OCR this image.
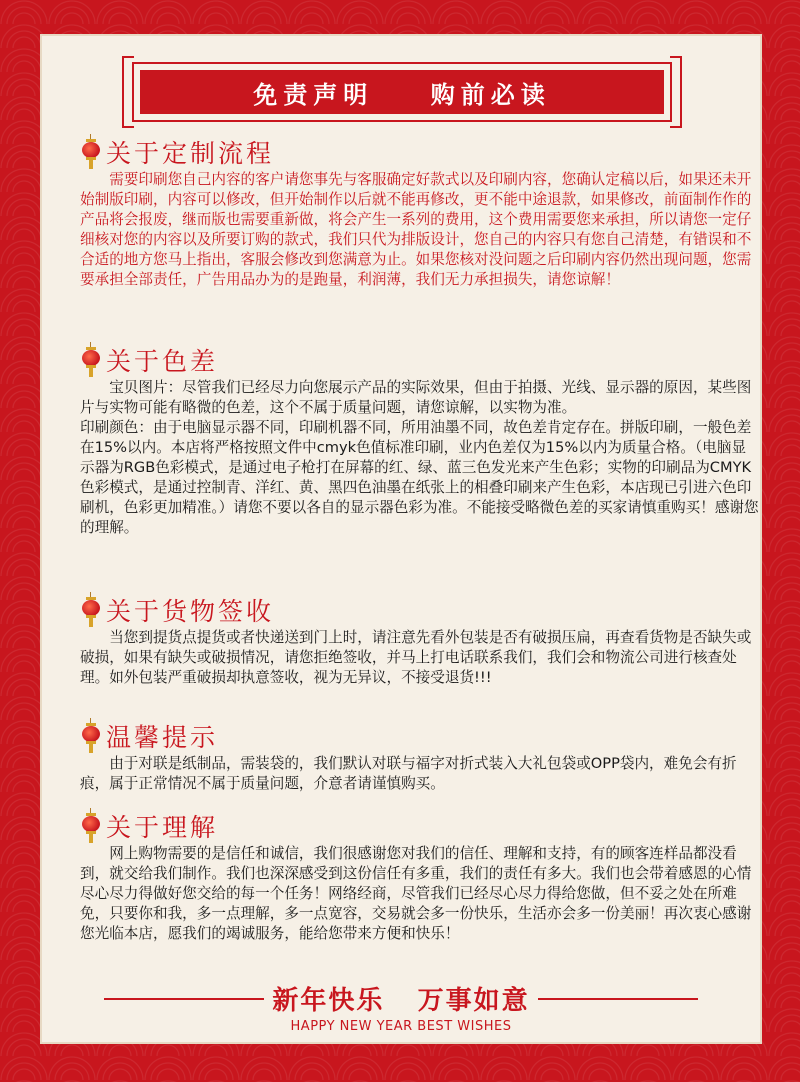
免责声明    购前必读
关于定制流程

需要印刷您自己内容的客户请您事先与客服确定好款式以及印刷内容，您确认定稿以后，如果还未开始制版印刷，内容可以修改，但开始制作以后就不能再修改，更不能中途退款，如果修改，前面制作作的产品将会报废，继而版也需要重新做，将会产生一系列的费用，这个费用需要您来承担，所以请您一定仔细核对您的内容以及所要订购的款式，我们只代为排版设计，您自己的内容只有您自己清楚，有错误和不合适的地方您马上指出，客服会修改到您满意为止。如果您核对没问题之后印刷内容仍然出现问题，您需要承担全部责任，广告用品办为的是跑量，利润薄，我们无力承担损失，请您谅解！

关于色差

宝贝图片：尽管我们已经尽力向您展示产品的实际效果，但由于拍摄、光线、显示器的原因，某些图片与实物可能有略微的色差，这个不属于质量问题，请您谅解，以实物为准。

印刷颜色：由于电脑显示器不同，印刷机器不同，所用油墨不同，故色差肯定存在。拼版印刷，一般色差在15%以内。本店将严格按照文件中cmyk色值标准印刷，业内色差仅为15%以内为质量合格。（电脑显示器为RGB色彩模式，是通过电子枪打在屏幕的红、绿、蓝三色发光来产生色彩；实物的印刷品为CMYK色彩模式，是通过控制青、洋红、黄、黑四色油墨在纸张上的相叠印刷来产生色彩，本店现已引进六色印刷机，色彩更加精准。）请您不要以各自的显示器色彩为准。不能接受略微色差的买家请慎重购买！感谢您的理解。

关于货物签收

当您到提货点提货或者快递送到门上时，请注意先看外包装是否有破损压扁，再查看货物是否缺失或破损，如果有缺失或破损情况，请您拒绝签收，并马上打电话联系我们，我们会和物流公司进行核查处理。如外包装严重破损却执意签收，视为无异议，不接受退货!!!

温馨提示

由于对联是纸制品，需装袋的，我们默认对联与福字对折式装入大礼包袋或OPP袋内，难免会有折痕，属于正常情况不属于质量问题，介意者请谨慎购买。

关于理解

网上购物需要的是信任和诚信，我们很感谢您对我们的信任、理解和支持，有的顾客连样品都没看到，就交给我们制作。我们也深深感受到这份信任有多重，我们的责任有多大。我们也会带着感恩的心情尽心尽力得做好您交给的每一个任务！网络经商，尽管我们已经尽心尽力得给您做，但不妥之处在所难免，只要你和我，多一点理解，多一点宽容，交易就会多一份快乐，生活亦会多一份美丽！再次衷心感谢您光临本店，愿我们的竭诚服务，能给您带来方便和快乐！

新年快乐   万事如意
HAPPY NEW YEAR BEST WISHES
